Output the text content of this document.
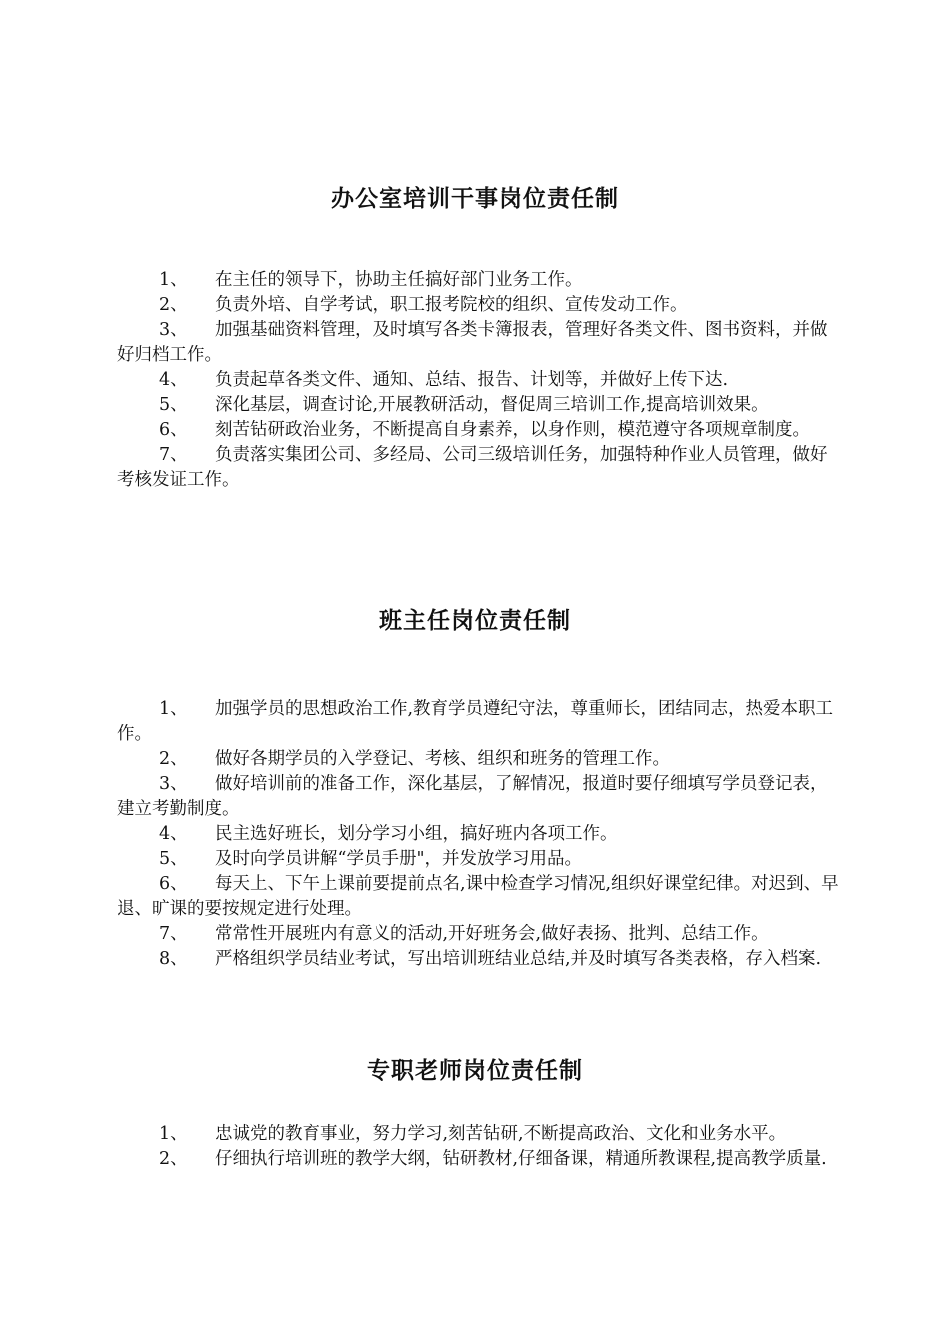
办公室培训干事岗位责任制

1、 在主任的领导下，协助主任搞好部门业务工作。

2、 负责外培、自学考试，职工报考院校的组织、宣传发动工作。

3、 加强基础资料管理，及时填写各类卡簿报表，管理好各类文件、图书资料，并做好归档工作。

4、 负责起草各类文件、通知、总结、报告、计划等，并做好上传下达.

5、 深化基层，调查讨论,开展教研活动，督促周三培训工作,提高培训效果。

6、 刻苦钻研政治业务，不断提高自身素养，以身作则，模范遵守各项规章制度。

7、 负责落实集团公司、多经局、公司三级培训任务，加强特种作业人员管理，做好考核发证工作。

班主任岗位责任制

1、 加强学员的思想政治工作,教育学员遵纪守法，尊重师长，团结同志，热爱本职工作。

2、 做好各期学员的入学登记、考核、组织和班务的管理工作。

3、 做好培训前的准备工作，深化基层，了解情况，报道时要仔细填写学员登记表，建立考勤制度。

4、 民主选好班长，划分学习小组，搞好班内各项工作。

5、 及时向学员讲解“学员手册"，并发放学习用品。

6、 每天上、下午上课前要提前点名,课中检查学习情况,组织好课堂纪律。对迟到、早退、旷课的要按规定进行处理。

7、 常常性开展班内有意义的活动,开好班务会,做好表扬、批判、总结工作。

8、 严格组织学员结业考试，写出培训班结业总结,并及时填写各类表格，存入档案.

专职老师岗位责任制

1、 忠诚党的教育事业，努力学习,刻苦钻研,不断提高政治、文化和业务水平。

2、 仔细执行培训班的教学大纲，钻研教材,仔细备课，精通所教课程,提高教学质量.
